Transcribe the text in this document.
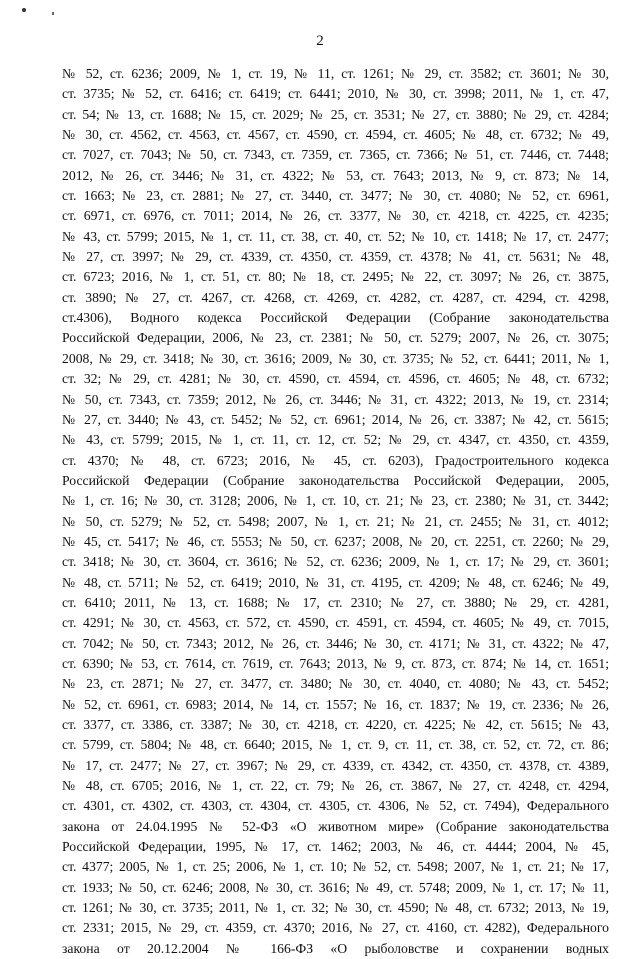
2
№ 52, ст. 6236; 2009, № 1, ст. 19, № 11, ст. 1261; № 29, ст. 3582; ст. 3601; № 30,
ст. 3735; № 52, ст. 6416; ст. 6419; ст. 6441; 2010, № 30, ст. 3998; 2011, № 1, ст. 47,
ст. 54; № 13, ст. 1688; № 15, ст. 2029; № 25, ст. 3531; № 27, ст. 3880; № 29, ст. 4284;
№ 30, ст. 4562, ст. 4563, ст. 4567, ст. 4590, ст. 4594, ст. 4605; № 48, ст. 6732; № 49,
ст. 7027, ст. 7043; № 50, ст. 7343, ст. 7359, ст. 7365, ст. 7366; № 51, ст. 7446, ст. 7448;
2012, № 26, ст. 3446; № 31, ст. 4322; № 53, ст. 7643; 2013, № 9, ст. 873; № 14,
ст. 1663; № 23, ст. 2881; № 27, ст. 3440, ст. 3477; № 30, ст. 4080; № 52, ст. 6961,
ст. 6971, ст. 6976, ст. 7011; 2014, № 26, ст. 3377, № 30, ст. 4218, ст. 4225, ст. 4235;
№ 43, ст. 5799; 2015, № 1, ст. 11, ст. 38, ст. 40, ст. 52; № 10, ст. 1418; № 17, ст. 2477;
№ 27, ст. 3997; № 29, ст. 4339, ст. 4350, ст. 4359, ст. 4378; № 41, ст. 5631; № 48,
ст. 6723; 2016, № 1, ст. 51, ст. 80; № 18, ст. 2495; № 22, ст. 3097; № 26, ст. 3875,
ст. 3890; № 27, ст. 4267, ст. 4268, ст. 4269, ст. 4282, ст. 4287, ст. 4294, ст. 4298,
ст.4306), Водного кодекса Российской Федерации (Собрание законодательства
Российской Федерации, 2006, № 23, ст. 2381; № 50, ст. 5279; 2007, № 26, ст. 3075;
2008, № 29, ст. 3418; № 30, ст. 3616; 2009, № 30, ст. 3735; № 52, ст. 6441; 2011, № 1,
ст. 32; № 29, ст. 4281; № 30, ст. 4590, ст. 4594, ст. 4596, ст. 4605; № 48, ст. 6732;
№ 50, ст. 7343, ст. 7359; 2012, № 26, ст. 3446; № 31, ст. 4322; 2013, № 19, ст. 2314;
№ 27, ст. 3440; № 43, ст. 5452; № 52, ст. 6961; 2014, № 26, ст. 3387; № 42, ст. 5615;
№ 43, ст. 5799; 2015, № 1, ст. 11, ст. 12, ст. 52; № 29, ст. 4347, ст. 4350, ст. 4359,
ст. 4370; № 48, ст. 6723; 2016, № 45, ст. 6203), Градостроительного кодекса
Российской Федерации (Собрание законодательства Российской Федерации, 2005,
№ 1, ст. 16; № 30, ст. 3128; 2006, № 1, ст. 10, ст. 21; № 23, ст. 2380; № 31, ст. 3442;
№ 50, ст. 5279; № 52, ст. 5498; 2007, № 1, ст. 21; № 21, ст. 2455; № 31, ст. 4012;
№ 45, ст. 5417; № 46, ст. 5553; № 50, ст. 6237; 2008, № 20, ст. 2251, ст. 2260; № 29,
ст. 3418; № 30, ст. 3604, ст. 3616; № 52, ст. 6236; 2009, № 1, ст. 17; № 29, ст. 3601;
№ 48, ст. 5711; № 52, ст. 6419; 2010, № 31, ст. 4195, ст. 4209; № 48, ст. 6246; № 49,
ст. 6410; 2011, № 13, ст. 1688; № 17, ст. 2310; № 27, ст. 3880; № 29, ст. 4281,
ст. 4291; № 30, ст. 4563, ст. 572, ст. 4590, ст. 4591, ст. 4594, ст. 4605; № 49, ст. 7015,
ст. 7042; № 50, ст. 7343; 2012, № 26, ст. 3446; № 30, ст. 4171; № 31, ст. 4322; № 47,
ст. 6390; № 53, ст. 7614, ст. 7619, ст. 7643; 2013, № 9, ст. 873, ст. 874; № 14, ст. 1651;
№ 23, ст. 2871; № 27, ст. 3477, ст. 3480; № 30, ст. 4040, ст. 4080; № 43, ст. 5452;
№ 52, ст. 6961, ст. 6983; 2014, № 14, ст. 1557; № 16, ст. 1837; № 19, ст. 2336; № 26,
ст. 3377, ст. 3386, ст. 3387; № 30, ст. 4218, ст. 4220, ст. 4225; № 42, ст. 5615; № 43,
ст. 5799, ст. 5804; № 48, ст. 6640; 2015, № 1, ст. 9, ст. 11, ст. 38, ст. 52, ст. 72, ст. 86;
№ 17, ст. 2477; № 27, ст. 3967; № 29, ст. 4339, ст. 4342, ст. 4350, ст. 4378, ст. 4389,
№ 48, ст. 6705; 2016, № 1, ст. 22, ст. 79; № 26, ст. 3867, № 27, ст. 4248, ст. 4294,
ст. 4301, ст. 4302, ст. 4303, ст. 4304, ст. 4305, ст. 4306, № 52, ст. 7494), Федерального
закона от 24.04.1995 № 52-ФЗ «О животном мире» (Собрание законодательства
Российской Федерации, 1995, № 17, ст. 1462; 2003, № 46, ст. 4444; 2004, № 45,
ст. 4377; 2005, № 1, ст. 25; 2006, № 1, ст. 10; № 52, ст. 5498; 2007, № 1, ст. 21; № 17,
ст. 1933; № 50, ст. 6246; 2008, № 30, ст. 3616; № 49, ст. 5748; 2009, № 1, ст. 17; № 11,
ст. 1261; № 30, ст. 3735; 2011, № 1, ст. 32; № 30, ст. 4590; № 48, ст. 6732; 2013, № 19,
ст. 2331; 2015, № 29, ст. 4359, ст. 4370; 2016, № 27, ст. 4160, ст. 4282), Федерального
закона от 20.12.2004 № 166-ФЗ «О рыболовстве и сохранении водных
